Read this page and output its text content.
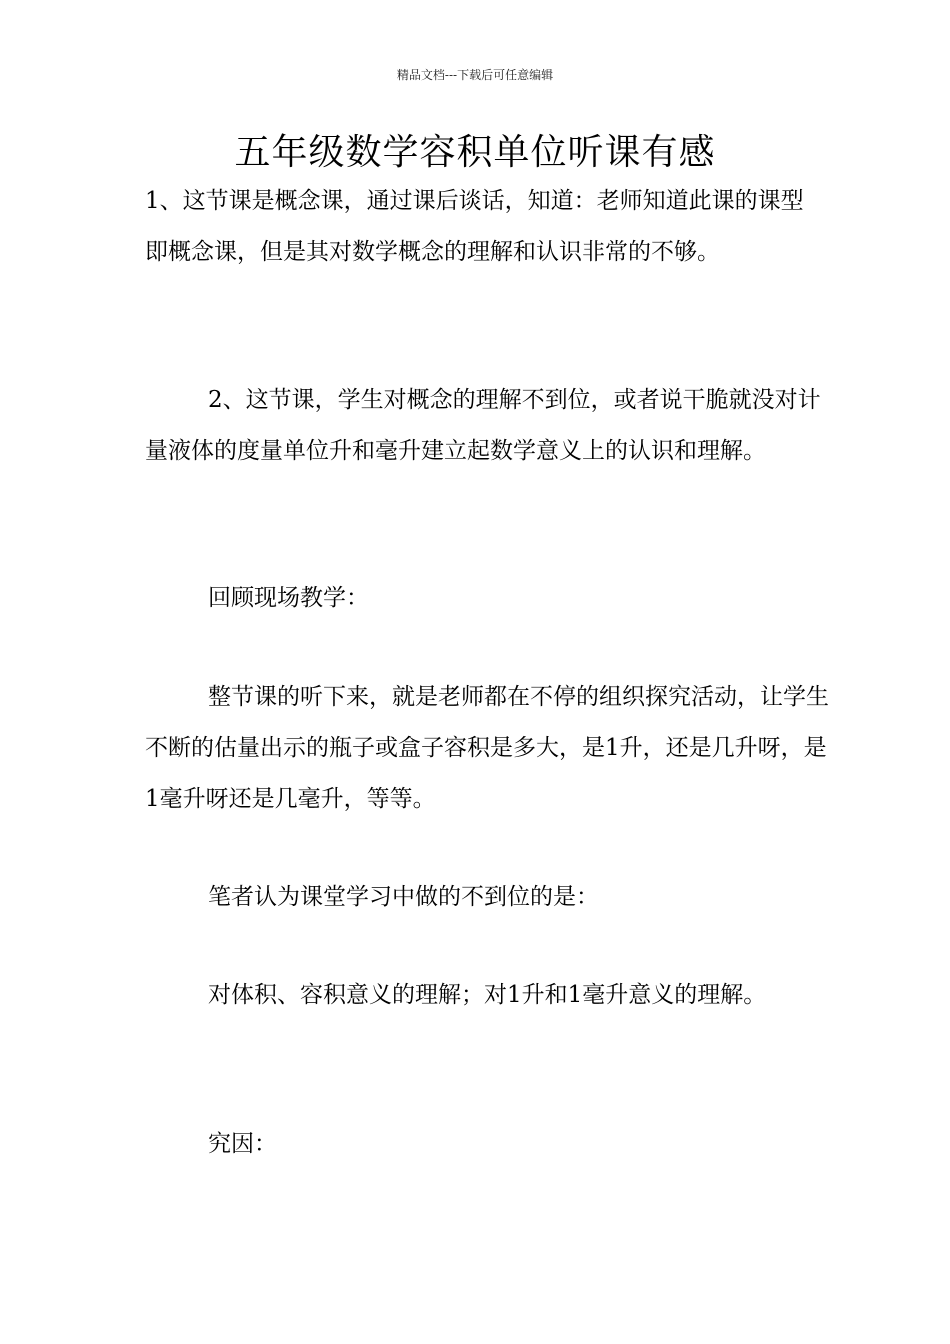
精品文档---下载后可任意编辑
五年级数学容积单位听课有感

1、这节课是概念课，通过课后谈话，知道：老师知道此课的课型即概念课，但是其对数学概念的理解和认识非常的不够。

2、这节课，学生对概念的理解不到位，或者说干脆就没对计量液体的度量单位升和毫升建立起数学意义上的认识和理解。

回顾现场教学：

整节课的听下来，就是老师都在不停的组织探究活动，让学生不断的估量出示的瓶子或盒子容积是多大，是1升，还是几升呀，是1毫升呀还是几毫升，等等。

笔者认为课堂学习中做的不到位的是：

对体积、容积意义的理解；对1升和1毫升意义的理解。

究因：
